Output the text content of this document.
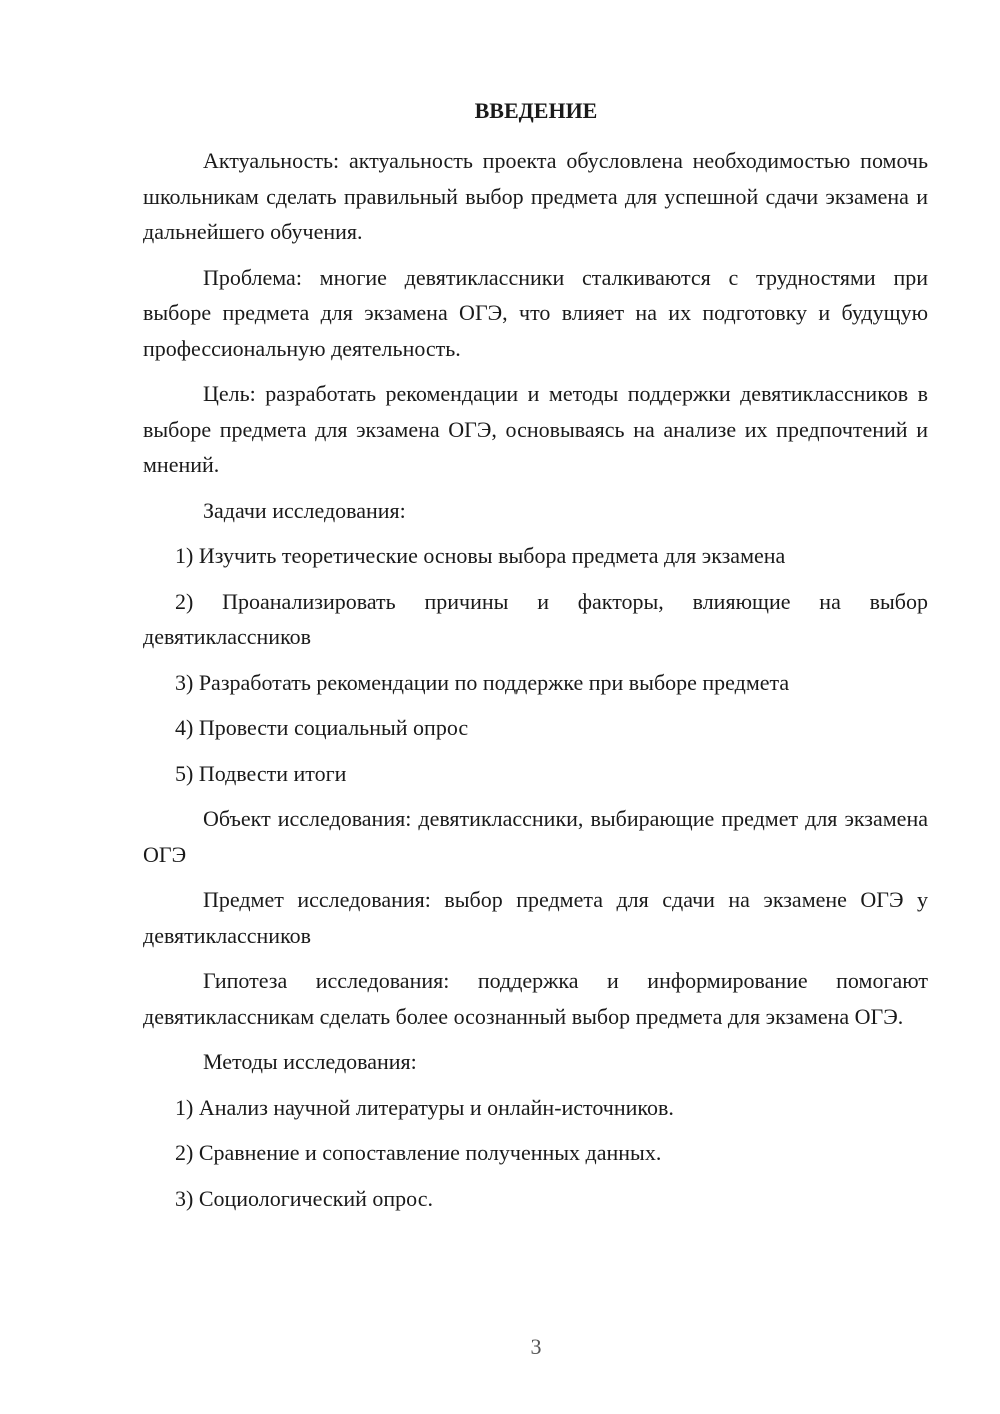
ВВЕДЕНИЕ

Актуальность: актуальность проекта обусловлена необходимостью помочь школьникам сделать правильный выбор предмета для успешной сдачи экзамена и дальнейшего обучения.

Проблема: многие девятиклассники сталкиваются с трудностями при выборе предмета для экзамена ОГЭ, что влияет на их подготовку и будущую профессиональную деятельность.

Цель: разработать рекомендации и методы поддержки девятиклассников в выборе предмета для экзамена ОГЭ, основываясь на анализе их предпочтений и мнений.

Задачи исследования:

1) Изучить теоретические основы выбора предмета для экзамена

2) Проанализировать причины и факторы, влияющие на выбор девятиклассников

3) Разработать рекомендации по поддержке при выборе предмета

4) Провести социальный опрос

5) Подвести итоги

Объект исследования: девятиклассники, выбирающие предмет для экзамена ОГЭ

Предмет исследования: выбор предмета для сдачи на экзамене ОГЭ у девятиклассников

Гипотеза исследования: поддержка и информирование помогают девятиклассникам сделать более осознанный выбор предмета для экзамена ОГЭ.

Методы исследования:

1) Анализ научной литературы и онлайн-источников.

2) Сравнение и сопоставление полученных данных.

3) Социологический опрос.

3
